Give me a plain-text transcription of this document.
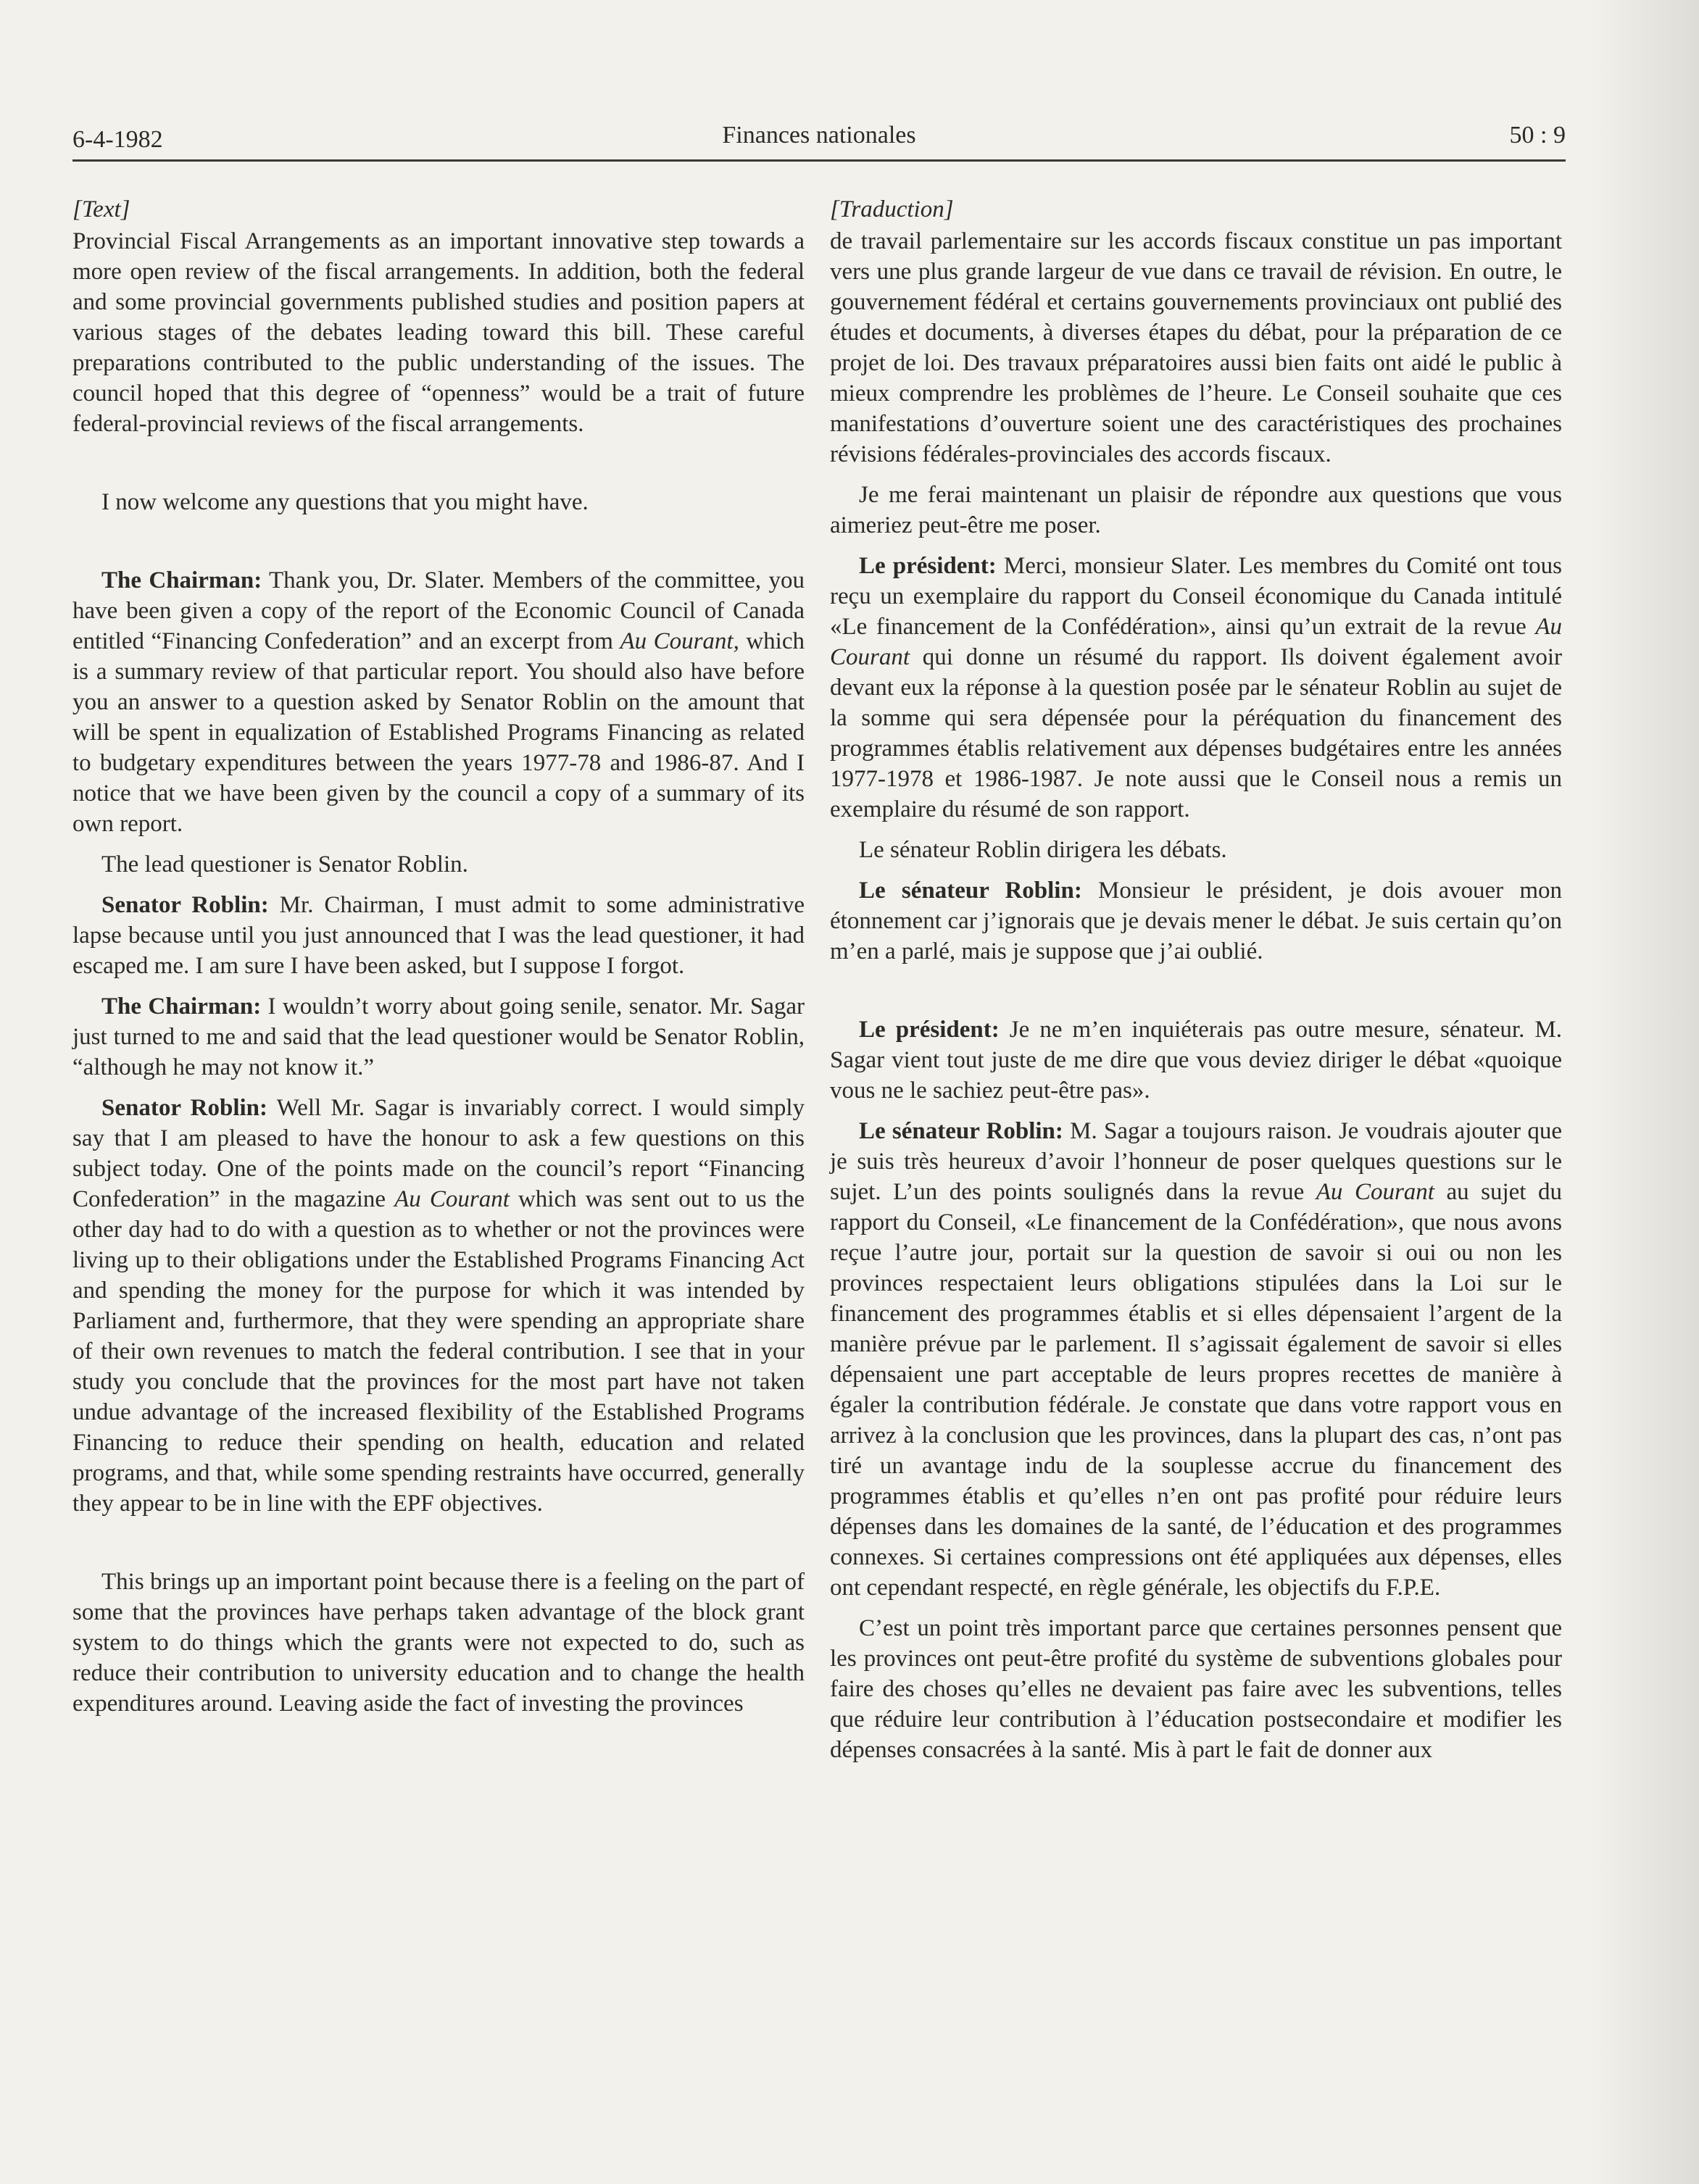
6-4-1982	Finances nationales	50 : 9
[Text]

Provincial Fiscal Arrangements as an important innovative step towards a more open review of the fiscal arrangements. In addition, both the federal and some provincial governments published studies and position papers at various stages of the debates leading toward this bill. These careful preparations contributed to the public understanding of the issues. The council hoped that this degree of “openness” would be a trait of future federal-provincial reviews of the fiscal arrangements.

I now welcome any questions that you might have.

The Chairman: Thank you, Dr. Slater. Members of the committee, you have been given a copy of the report of the Economic Council of Canada entitled “Financing Confederation” and an excerpt from Au Courant, which is a summary review of that particular report. You should also have before you an answer to a question asked by Senator Roblin on the amount that will be spent in equalization of Established Programs Financing as related to budgetary expenditures between the years 1977-78 and 1986-87. And I notice that we have been given by the council a copy of a summary of its own report.

The lead questioner is Senator Roblin.

Senator Roblin: Mr. Chairman, I must admit to some administrative lapse because until you just announced that I was the lead questioner, it had escaped me. I am sure I have been asked, but I suppose I forgot.

The Chairman: I wouldn’t worry about going senile, senator. Mr. Sagar just turned to me and said that the lead questioner would be Senator Roblin, “although he may not know it.”

Senator Roblin: Well Mr. Sagar is invariably correct. I would simply say that I am pleased to have the honour to ask a few questions on this subject today. One of the points made on the council’s report “Financing Confederation” in the magazine Au Courant which was sent out to us the other day had to do with a question as to whether or not the provinces were living up to their obligations under the Established Programs Financing Act and spending the money for the purpose for which it was intended by Parliament and, furthermore, that they were spending an appropriate share of their own revenues to match the federal contribution. I see that in your study you conclude that the provinces for the most part have not taken undue advantage of the increased flexibility of the Established Programs Financing to reduce their spending on health, education and related programs, and that, while some spending restraints have occurred, generally they appear to be in line with the EPF objectives.

This brings up an important point because there is a feeling on the part of some that the provinces have perhaps taken advantage of the block grant system to do things which the grants were not expected to do, such as reduce their contribution to university education and to change the health expenditures around. Leaving aside the fact of investing the provinces

[Traduction]

de travail parlementaire sur les accords fiscaux constitue un pas important vers une plus grande largeur de vue dans ce travail de révision. En outre, le gouvernement fédéral et certains gouvernements provinciaux ont publié des études et documents, à diverses étapes du débat, pour la préparation de ce projet de loi. Des travaux préparatoires aussi bien faits ont aidé le public à mieux comprendre les problèmes de l’heure. Le Conseil souhaite que ces manifestations d’ouverture soient une des caractéristiques des prochaines révisions fédérales-provinciales des accords fiscaux.

Je me ferai maintenant un plaisir de répondre aux questions que vous aimeriez peut-être me poser.

Le président: Merci, monsieur Slater. Les membres du Comité ont tous reçu un exemplaire du rapport du Conseil économique du Canada intitulé «Le financement de la Confédération», ainsi qu’un extrait de la revue Au Courant qui donne un résumé du rapport. Ils doivent également avoir devant eux la réponse à la question posée par le sénateur Roblin au sujet de la somme qui sera dépensée pour la péréquation du financement des programmes établis relativement aux dépenses budgétaires entre les années 1977-1978 et 1986-1987. Je note aussi que le Conseil nous a remis un exemplaire du résumé de son rapport.

Le sénateur Roblin dirigera les débats.

Le sénateur Roblin: Monsieur le président, je dois avouer mon étonnement car j’ignorais que je devais mener le débat. Je suis certain qu’on m’en a parlé, mais je suppose que j’ai oublié.

Le président: Je ne m’en inquiéterais pas outre mesure, sénateur. M. Sagar vient tout juste de me dire que vous deviez diriger le débat «quoique vous ne le sachiez peut-être pas».

Le sénateur Roblin: M. Sagar a toujours raison. Je voudrais ajouter que je suis très heureux d’avoir l’honneur de poser quelques questions sur le sujet. L’un des points soulignés dans la revue Au Courant au sujet du rapport du Conseil, «Le financement de la Confédération», que nous avons reçue l’autre jour, portait sur la question de savoir si oui ou non les provinces respectaient leurs obligations stipulées dans la Loi sur le financement des programmes établis et si elles dépensaient l’argent de la manière prévue par le parlement. Il s’agissait également de savoir si elles dépensaient une part acceptable de leurs propres recettes de manière à égaler la contribution fédérale. Je constate que dans votre rapport vous en arrivez à la conclusion que les provinces, dans la plupart des cas, n’ont pas tiré un avantage indu de la souplesse accrue du financement des programmes établis et qu’elles n’en ont pas profité pour réduire leurs dépenses dans les domaines de la santé, de l’éducation et des programmes connexes. Si certaines compressions ont été appliquées aux dépenses, elles ont cependant respecté, en règle générale, les objectifs du F.P.E.

C’est un point très important parce que certaines personnes pensent que les provinces ont peut-être profité du système de subventions globales pour faire des choses qu’elles ne devaient pas faire avec les subventions, telles que réduire leur contribution à l’éducation postsecondaire et modifier les dépenses consacrées à la santé. Mis à part le fait de donner aux
